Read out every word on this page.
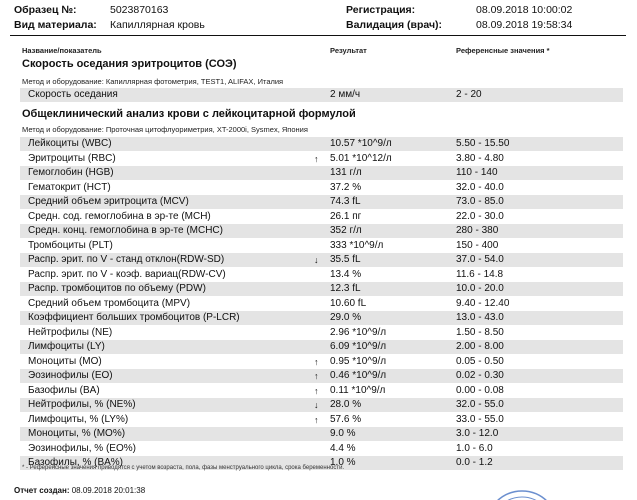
Образец №:	5023870163
Вид материала: Капиллярная кровь
Регистрация:	08.09.2018 10:00:02
Валидация (врач):	08.09.2018 19:58:34
Название/показатель	Результат	Референсные значения *
Скорость оседания эритроцитов (СОЭ)
Метод и оборудование: Капиллярная фотометрия, TEST1, ALIFAX, Италия
Скорость оседания	2 мм/ч	2 - 20
Общеклинический анализ крови с лейкоцитарной формулой
Метод и оборудование: Проточная цитофлуориметрия, XT-2000i, Sysmex, Япония
Лейкоциты (WBC)	10.57 *10^9/л	5.50 - 15.50
Эритроциты (RBC)	↑ 5.01 *10^12/л	3.80 - 4.80
Гемоглобин (HGB)	131 г/л	110 - 140
Гематокрит (HCT)	37.2 %	32.0 - 40.0
Средний объем эритроцита (MCV)	74.3 fL	73.0 - 85.0
Средн. сод. гемоглобина в эр-те (MCH)	26.1 пг	22.0 - 30.0
Средн. конц. гемоглобина в эр-те (MCHC)	352 г/л	280 - 380
Тромбоциты (PLT)	333 *10^9/л	150 - 400
Распр. эрит. по V - станд отклон(RDW-SD)	↓ 35.5 fL	37.0 - 54.0
Распр. эрит. по V - коэф. вариац(RDW-CV)	13.4 %	11.6 - 14.8
Распр. тромбоцитов по объему (PDW)	12.3 fL	10.0 - 20.0
Средний объем тромбоцита (MPV)	10.60 fL	9.40 - 12.40
Коэффициент больших тромбоцитов (P-LCR)	29.0 %	13.0 - 43.0
Нейтрофилы (NE)	2.96 *10^9/л	1.50 - 8.50
Лимфоциты (LY)	6.09 *10^9/л	2.00 - 8.00
Моноциты (MO)	↑ 0.95 *10^9/л	0.05 - 0.50
Эозинофилы (EO)	↑ 0.46 *10^9/л	0.02 - 0.30
Базофилы (BA)	↑ 0.11 *10^9/л	0.00 - 0.08
Нейтрофилы, % (NE%)	↓ 28.0 %	32.0 - 55.0
Лимфоциты, % (LY%)	↑ 57.6 %	33.0 - 55.0
Моноциты, % (MO%)	9.0 %	3.0 - 12.0
Эозинофилы, % (EO%)	4.4 %	1.0 - 6.0
Базофилы, % (BA%)	1.0 %	0.0 - 1.2
* - Референсные значения приводятся с учетом возраста, пола, фазы менструального цикла, срока беременности.
Отчет создан: 08.09.2018 20:01:38
